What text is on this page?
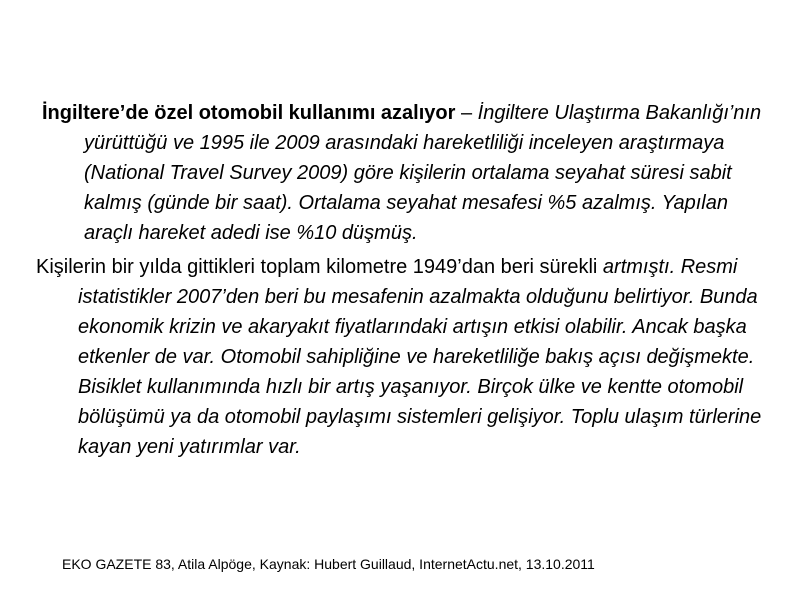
İngiltere’de özel otomobil kullanımı azalıyor – İngiltere Ulaştırma Bakanlığı’nın yürüttüğü ve 1995 ile 2009 arasındaki hareketliliği inceleyen araştırmaya (National Travel Survey 2009) göre kişilerin ortalama seyahat süresi sabit kalmış (günde bir saat). Ortalama seyahat mesafesi %5 azalmış. Yapılan araçlı hareket adedi ise %10 düşmüş.

Kişilerin bir yılda gittikleri toplam kilometre 1949’dan beri sürekli artmıştı. Resmi istatistikler 2007’den beri bu mesafenin azalmakta olduğunu belirtiyor. Bunda ekonomik krizin ve akaryakıt fiyatlarındaki artışın etkisi olabilir. Ancak başka etkenler de var. Otomobil sahipliğine ve hareketliliğe bakış açısı değişmekte. Bisiklet kullanımında hızlı bir artış yaşanıyor. Birçok ülke ve kentte otomobil bölüşümü ya da otomobil paylaşımı sistemleri gelişiyor. Toplu ulaşım türlerine kayan yeni yatırımlar var.

EKO GAZETE 83, Atila Alpöge, Kaynak: Hubert Guillaud, InternetActu.net, 13.10.2011
